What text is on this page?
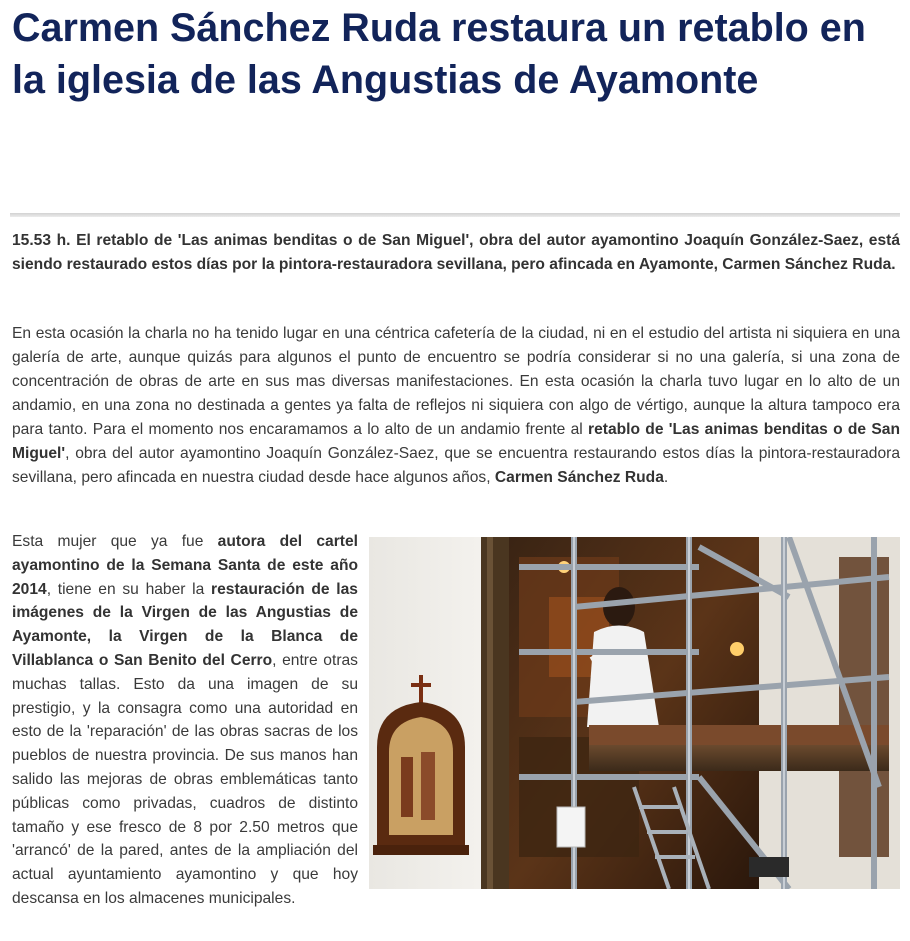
Carmen Sánchez Ruda restaura un retablo en la iglesia de las Angustias de Ayamonte

15.53 h. El retablo de 'Las animas benditas o de San Miguel', obra del autor ayamontino Joaquín González-Saez, está siendo restaurado estos días por la pintora-restauradora sevillana, pero afincada en Ayamonte, Carmen Sánchez Ruda.

En esta ocasión la charla no ha tenido lugar en una céntrica cafetería de la ciudad, ni en el estudio del artista ni siquiera en una galería de arte, aunque quizás para algunos el punto de encuentro se podría considerar si no una galería, si una zona de concentración de obras de arte en sus mas diversas manifestaciones. En esta ocasión la charla tuvo lugar en lo alto de un andamio, en una zona no destinada a gentes ya falta de reflejos ni siquiera con algo de vértigo, aunque la altura tampoco era para tanto. Para el momento nos encaramamos a lo alto de un andamio frente al retablo de 'Las animas benditas o de San Miguel', obra del autor ayamontino Joaquín González-Saez, que se encuentra restaurando estos días la pintora-restauradora sevillana, pero afincada en nuestra ciudad desde hace algunos años, Carmen Sánchez Ruda.

Esta mujer que ya fue autora del cartel ayamontino de la Semana Santa de este año 2014, tiene en su haber la restauración de las imágenes de la Virgen de las Angustias de Ayamonte, la Virgen de la Blanca de Villablanca o San Benito del Cerro, entre otras muchas tallas. Esto da una imagen de su prestigio, y la consagra como una autoridad en esto de la 'reparación' de las obras sacras de los pueblos de nuestra provincia. De sus manos han salido las mejoras de obras emblemáticas tanto públicas como privadas, cuadros de distinto tamaño y ese fresco de 8 por 2.50 metros que 'arrancó' de la pared, antes de la ampliación del actual ayuntamiento ayamontino y que hoy descansa en los almacenes municipales.
